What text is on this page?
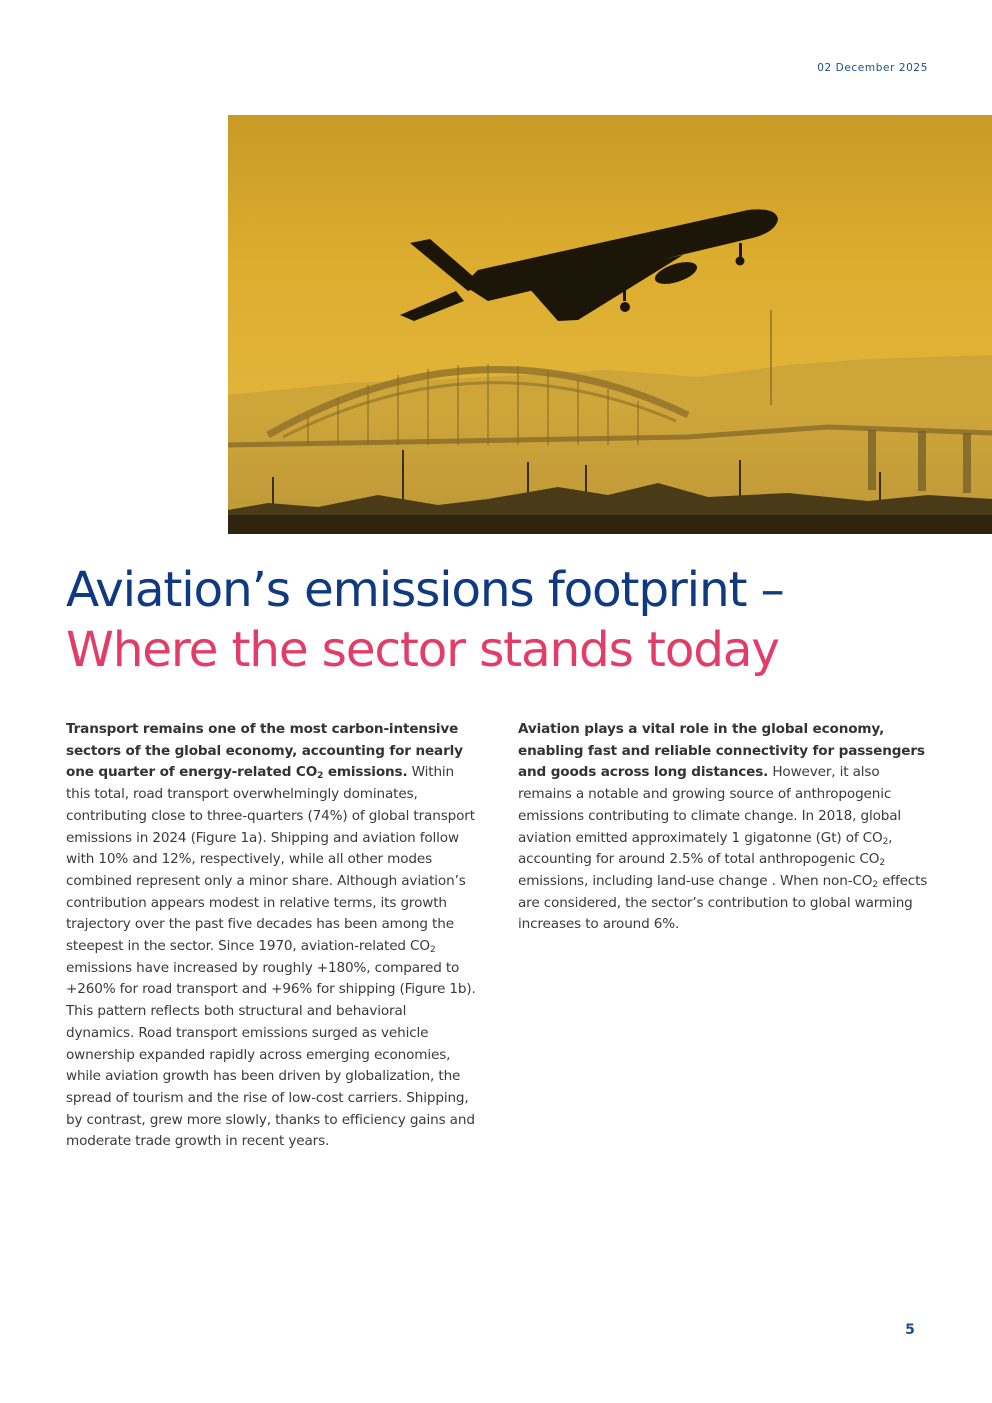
02 December 2025
Aviation’s emissions footprint –
Where the sector stands today

Transport remains one of the most carbon-intensive sectors of the global economy, accounting for nearly one quarter of energy-related $CO_2$ emissions. Within this total, road transport overwhelmingly dominates, contributing close to three-quarters (74%) of global transport emissions in 2024 (Figure 1a). Shipping and aviation follow with 10% and 12%, respectively, while all other modes combined represent only a minor share. Although aviation’s contribution appears modest in relative terms, its growth trajectory over the past five decades has been among the steepest in the sector. Since 1970, aviation-related $CO_2$ emissions have increased by roughly +180%, compared to +260% for road transport and +96% for shipping (Figure 1b).

This pattern reflects both structural and behavioral dynamics. Road transport emissions surged as vehicle ownership expanded rapidly across emerging economies, while aviation growth has been driven by globalization, the spread of tourism and the rise of low-cost carriers. Shipping, by contrast, grew more slowly, thanks to efficiency gains and moderate trade growth in recent years.

Aviation plays a vital role in the global economy, enabling fast and reliable connectivity for passengers and goods across long distances. However, it also remains a notable and growing source of anthropogenic emissions contributing to climate change. In 2018, global aviation emitted approximately 1 gigatonne (Gt) of $CO_2$, accounting for around 2.5% of total anthropogenic $CO_2$ emissions, including land-use change . When non-$CO_2$ effects are considered, the sector’s contribution to global warming increases to around 6%.

5
